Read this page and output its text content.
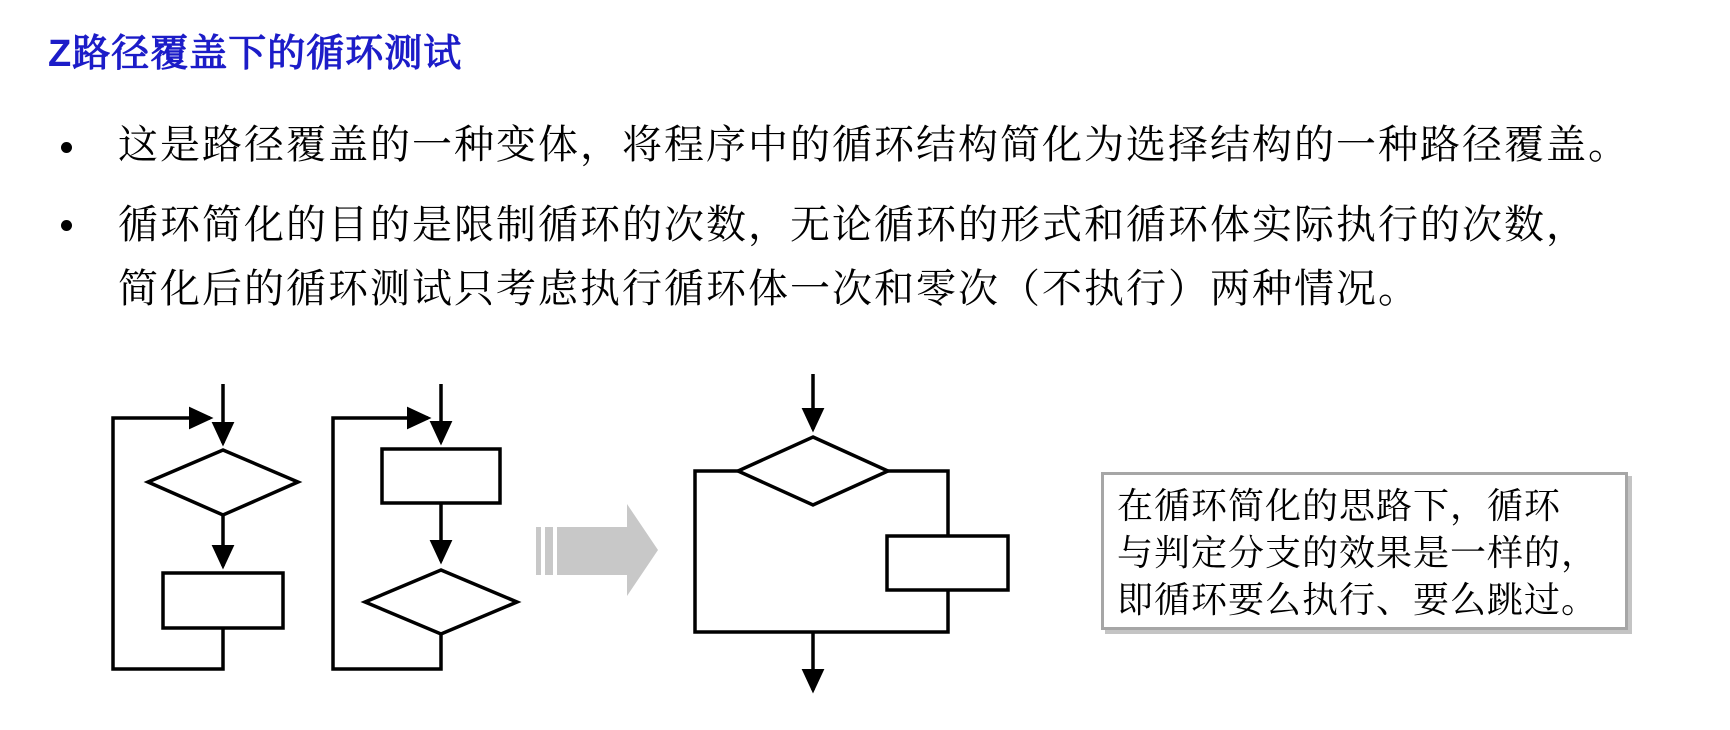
Z路径覆盖下的循环测试
这是路径覆盖的一种变体，将程序中的循环结构简化为选择结构的一种路径覆盖。
循环简化的目的是限制循环的次数，无论循环的形式和循环体实际执行的次数，
简化后的循环测试只考虑执行循环体一次和零次（不执行）两种情况。
在循环简化的思路下，循环
与判定分支的效果是一样的，
即循环要么执行、要么跳过。
